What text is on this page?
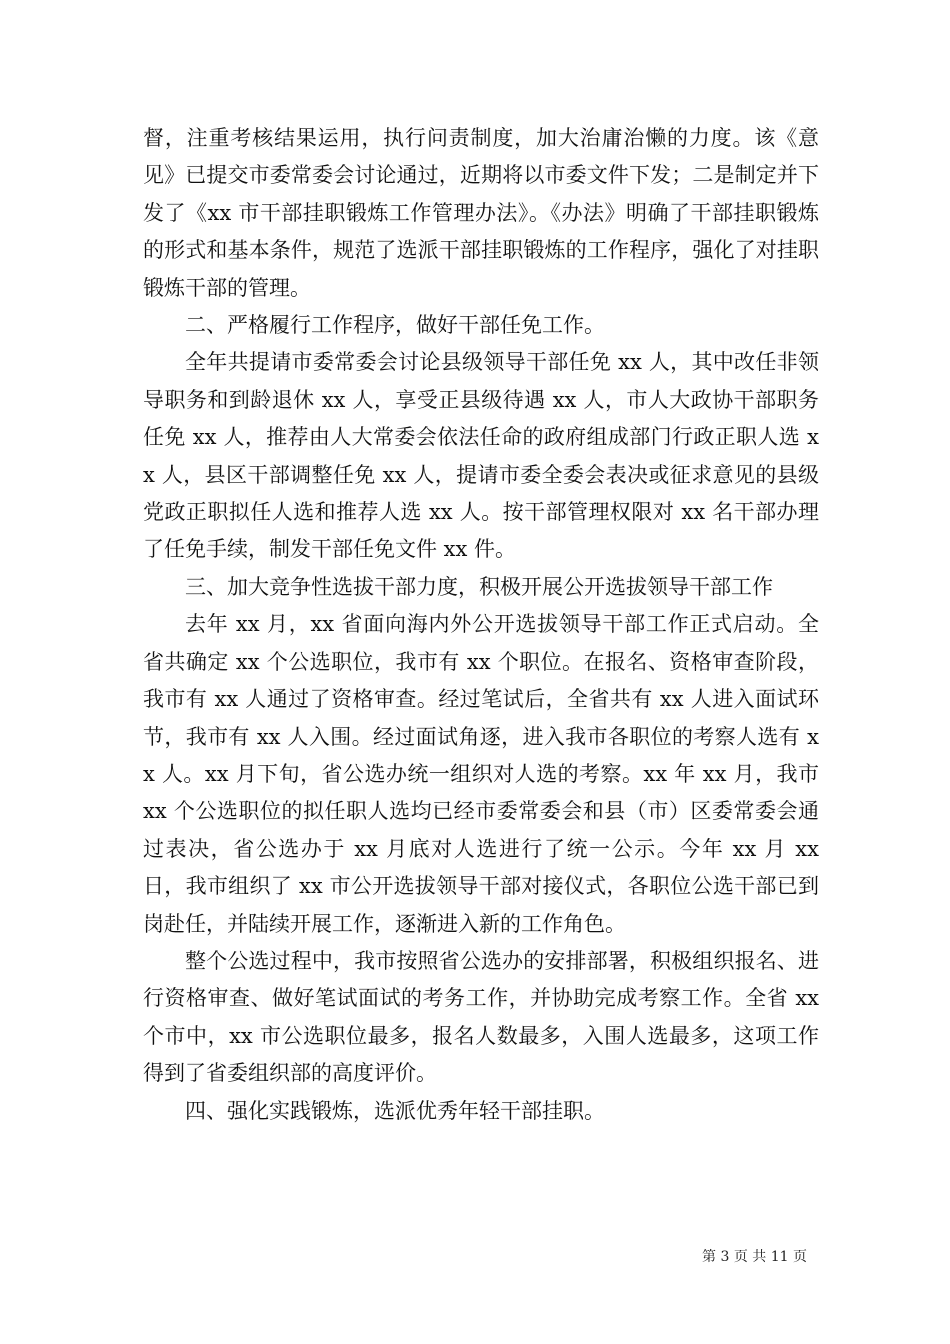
督，注重考核结果运用，执行问责制度，加大治庸治懒的力度。该《意见》已提交市委常委会讨论通过，近期将以市委文件下发；二是制定并下发了《xx 市干部挂职锻炼工作管理办法》。《办法》明确了干部挂职锻炼的形式和基本条件，规范了选派干部挂职锻炼的工作程序，强化了对挂职锻炼干部的管理。

二、严格履行工作程序，做好干部任免工作。

全年共提请市委常委会讨论县级领导干部任免 xx 人，其中改任非领导职务和到龄退休 xx 人，享受正县级待遇 xx 人，市人大政协干部职务任免 xx 人，推荐由人大常委会依法任命的政府组成部门行政正职人选 xx 人，县区干部调整任免 xx 人，提请市委全委会表决或征求意见的县级党政正职拟任人选和推荐人选 xx 人。按干部管理权限对 xx 名干部办理了任免手续，制发干部任免文件 xx 件。

三、加大竞争性选拔干部力度，积极开展公开选拔领导干部工作

去年 xx 月，xx 省面向海内外公开选拔领导干部工作正式启动。全省共确定 xx 个公选职位，我市有 xx 个职位。在报名、资格审查阶段，我市有 xx 人通过了资格审查。经过笔试后，全省共有 xx 人进入面试环节，我市有 xx 人入围。经过面试角逐，进入我市各职位的考察人选有 xx 人。xx 月下旬，省公选办统一组织对人选的考察。xx 年 xx 月，我市 xx 个公选职位的拟任职人选均已经市委常委会和县（市）区委常委会通过表决，省公选办于 xx 月底对人选进行了统一公示。今年 xx 月 xx 日，我市组织了 xx 市公开选拔领导干部对接仪式，各职位公选干部已到岗赴任，并陆续开展工作，逐渐进入新的工作角色。

整个公选过程中，我市按照省公选办的安排部署，积极组织报名、进行资格审查、做好笔试面试的考务工作，并协助完成考察工作。全省 xx 个市中，xx 市公选职位最多，报名人数最多，入围人选最多，这项工作得到了省委组织部的高度评价。

四、强化实践锻炼，选派优秀年轻干部挂职。

第 3 页 共 11 页
